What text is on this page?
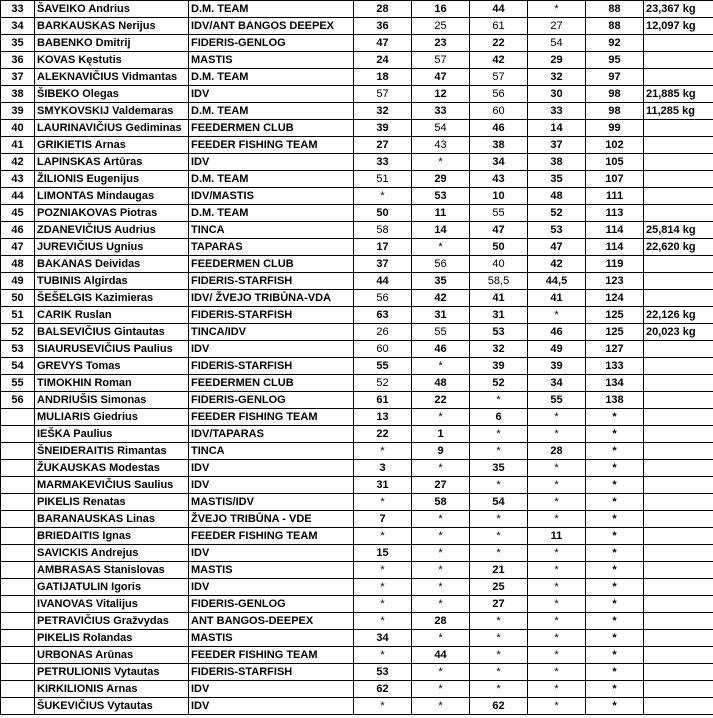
33	ŠAVEIKO Andrius	D.M. TEAM	28	16	44	*	88	23,367 kg
34	BARKAUSKAS Nerijus	IDV/ANT BANGOS DEEPEX	36	25	61	27	88	12,097 kg
35	BABENKO Dmitrij	FIDERIS-GENLOG	47	23	22	54	92	
36	KOVAS Kęstutis	MASTIS	24	57	42	29	95	
37	ALEKNAVIČIUS Vidmantas	D.M. TEAM	18	47	57	32	97	
38	ŠIBEKO Olegas	IDV	57	12	56	30	98	21,885 kg
39	SMYKOVSKIJ Valdemaras	D.M. TEAM	32	33	60	33	98	11,285 kg
40	LAURINAVIČIUS Gediminas	FEEDERMEN CLUB	39	54	46	14	99	
41	GRIKIETIS Arnas	FEEDER FISHING TEAM	27	43	38	37	102	
42	LAPINSKAS Artūras	IDV	33	*	34	38	105	
43	ŽILIONIS Eugenijus	D.M. TEAM	51	29	43	35	107	
44	LIMONTAS Mindaugas	IDV/MASTIS	*	53	10	48	111	
45	POZNIAKOVAS Piotras	D.M. TEAM	50	11	55	52	113	
46	ZDANEVIČIUS Audrius	TINCA	58	14	47	53	114	25,814 kg
47	JUREVIČIUS Ugnius	TAPARAS	17	*	50	47	114	22,620 kg
48	BAKANAS Deividas	FEEDERMEN CLUB	37	56	40	42	119	
49	TUBINIS Algirdas	FIDERIS-STARFISH	44	35	58,5	44,5	123	
50	ŠEŠELGIS Kazimieras	IDV/ ŽVEJO TRIBŪNA-VDA	56	42	41	41	124	
51	CARIK Ruslan	FIDERIS-STARFISH	63	31	31	*	125	22,126 kg
52	BALSEVIČIUS Gintautas	TINCA/IDV	26	55	53	46	125	20,023 kg
53	SIAURUSEVIČIUS Paulius	IDV	60	46	32	49	127	
54	GREVYS Tomas	FIDERIS-STARFISH	55	*	39	39	133	
55	TIMOKHIN Roman	FEEDERMEN CLUB	52	48	52	34	134	
56	ANDRIUŠIS Simonas	FIDERIS-GENLOG	61	22	*	55	138	
	MULIARIS Giedrius	FEEDER FISHING TEAM	13	*	6	*	*	
	IEŠKA Paulius	IDV/TAPARAS	22	1	*	*	*	
	ŠNEIDERAITIS Rimantas	TINCA	*	9	*	28	*	
	ŽUKAUSKAS Modestas	IDV	3	*	35	*	*	
	MARMAKEVIČIUS Saulius	IDV	31	27	*	*	*	
	PIKELIS Renatas	MASTIS/IDV	*	58	54	*	*	
	BARANAUSKAS Linas	ŽVEJO TRIBŪNA - VDE	7	*	*	*	*	
	BRIEDAITIS Ignas	FEEDER FISHING TEAM	*	*	*	11	*	
	SAVICKIS Andrejus	IDV	15	*	*	*	*	
	AMBRASAS Stanislovas	MASTIS	*	*	21	*	*	
	GATIJATULIN Igoris	IDV	*	*	25	*	*	
	IVANOVAS Vitalijus	FIDERIS-GENLOG	*	*	27	*	*	
	PETRAVIČIUS Gražvydas	ANT BANGOS-DEEPEX	*	28	*	*	*	
	PIKELIS Rolandas	MASTIS	34	*	*	*	*	
	URBONAS Arūnas	FEEDER FISHING TEAM	*	44	*	*	*	
	PETRULIONIS Vytautas	FIDERIS-STARFISH	53	*	*	*	*	
	KIRKILIONIS Arnas	IDV	62	*	*	*	*	
	ŠUKEVIČIUS Vytautas	IDV	*	*	62	*	*	
